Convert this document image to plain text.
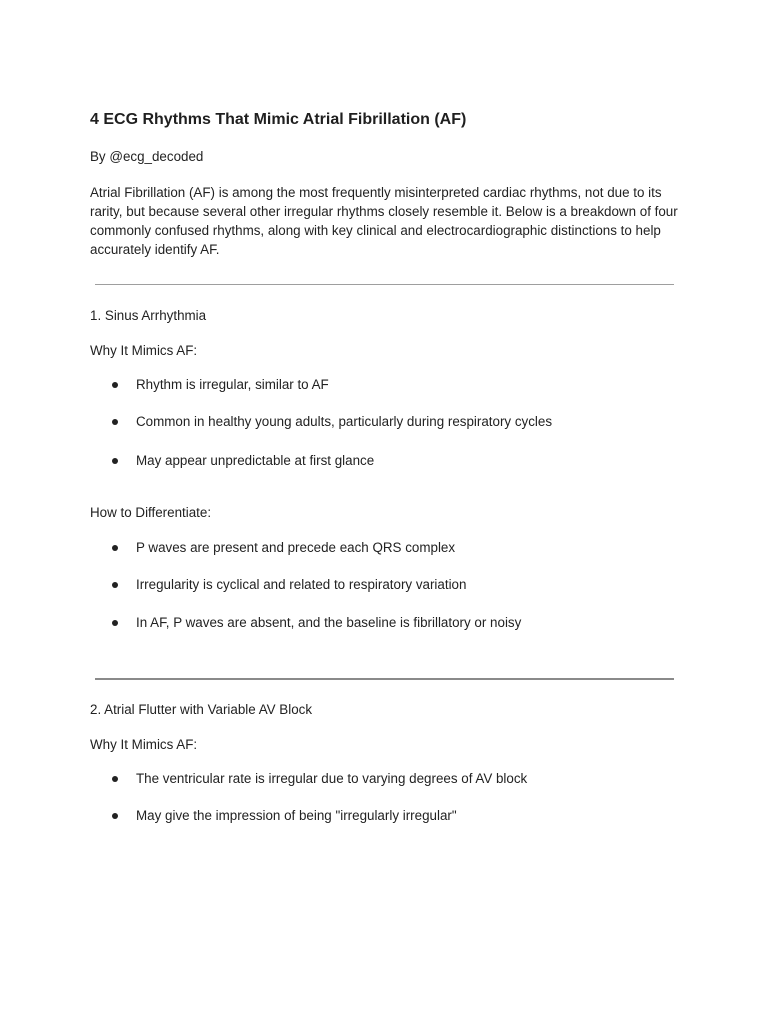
4 ECG Rhythms That Mimic Atrial Fibrillation (AF)

By @ecg_decoded

Atrial Fibrillation (AF) is among the most frequently misinterpreted cardiac rhythms, not due to its rarity, but because several other irregular rhythms closely resemble it. Below is a breakdown of four commonly confused rhythms, along with key clinical and electrocardiographic distinctions to help accurately identify AF.

1. Sinus Arrhythmia

Why It Mimics AF:

Rhythm is irregular, similar to AF
Common in healthy young adults, particularly during respiratory cycles
May appear unpredictable at first glance

How to Differentiate:

P waves are present and precede each QRS complex
Irregularity is cyclical and related to respiratory variation
In AF, P waves are absent, and the baseline is fibrillatory or noisy

2. Atrial Flutter with Variable AV Block

Why It Mimics AF:

The ventricular rate is irregular due to varying degrees of AV block
May give the impression of being "irregularly irregular"
